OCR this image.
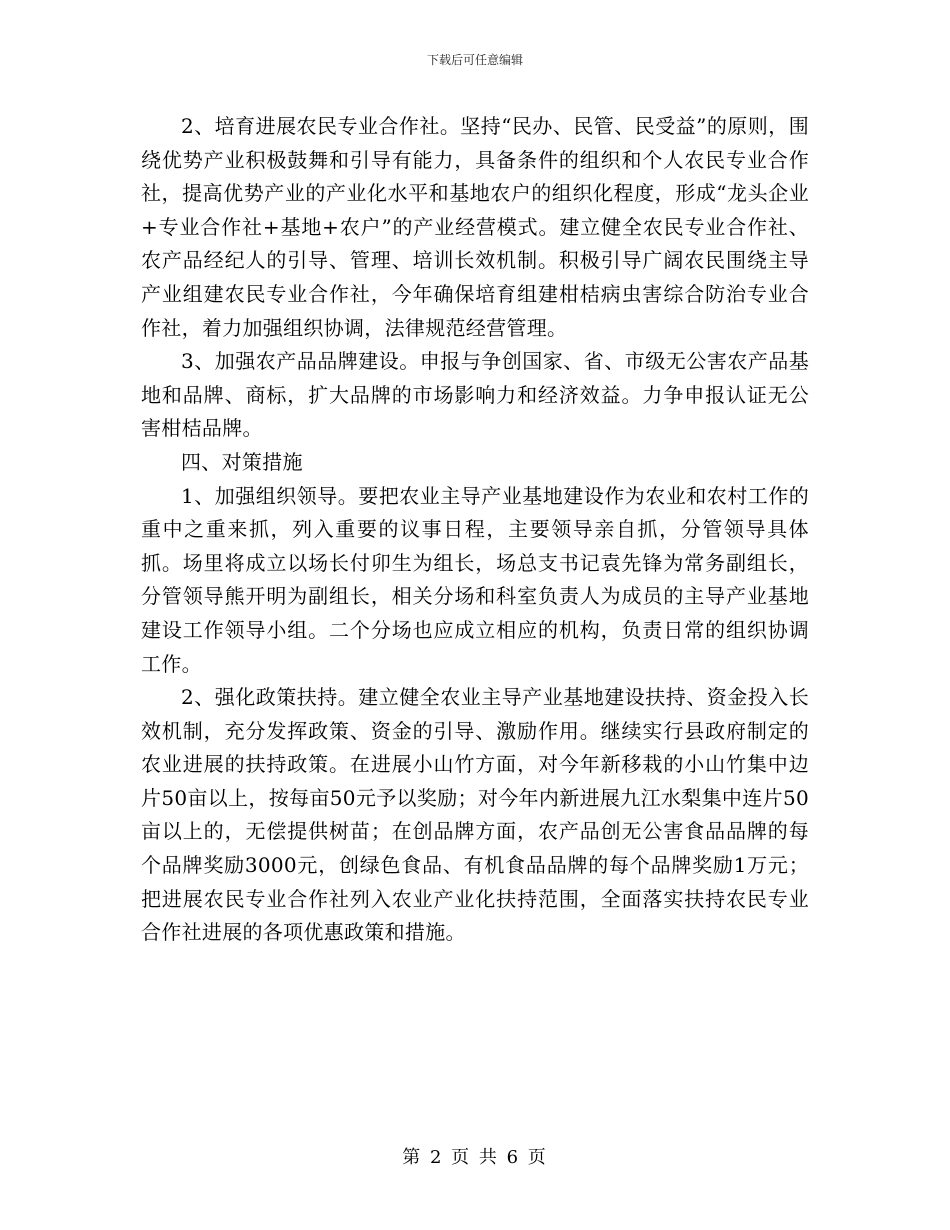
下载后可任意编辑

2、培育进展农民专业合作社。坚持“民办、民管、民受益”的原则，围绕优势产业积极鼓舞和引导有能力，具备条件的组织和个人农民专业合作社，提高优势产业的产业化水平和基地农户的组织化程度，形成“龙头企业+专业合作社+基地+农户”的产业经营模式。建立健全农民专业合作社、农产品经纪人的引导、管理、培训长效机制。积极引导广阔农民围绕主导产业组建农民专业合作社，今年确保培育组建柑桔病虫害综合防治专业合作社，着力加强组织协调，法律规范经营管理。

3、加强农产品品牌建设。申报与争创国家、省、市级无公害农产品基地和品牌、商标，扩大品牌的市场影响力和经济效益。力争申报认证无公害柑桔品牌。

四、对策措施

1、加强组织领导。要把农业主导产业基地建设作为农业和农村工作的重中之重来抓，列入重要的议事日程，主要领导亲自抓，分管领导具体抓。场里将成立以场长付卯生为组长，场总支书记袁先锋为常务副组长，分管领导熊开明为副组长，相关分场和科室负责人为成员的主导产业基地建设工作领导小组。二个分场也应成立相应的机构，负责日常的组织协调工作。

2、强化政策扶持。建立健全农业主导产业基地建设扶持、资金投入长效机制，充分发挥政策、资金的引导、激励作用。继续实行县政府制定的农业进展的扶持政策。在进展小山竹方面，对今年新移栽的小山竹集中边片50亩以上，按每亩50元予以奖励；对今年内新进展九江水梨集中连片50亩以上的，无偿提供树苗；在创品牌方面，农产品创无公害食品品牌的每个品牌奖励3000元，创绿色食品、有机食品品牌的每个品牌奖励1万元；把进展农民专业合作社列入农业产业化扶持范围，全面落实扶持农民专业合作社进展的各项优惠政策和措施。

第 2 页 共 6 页
